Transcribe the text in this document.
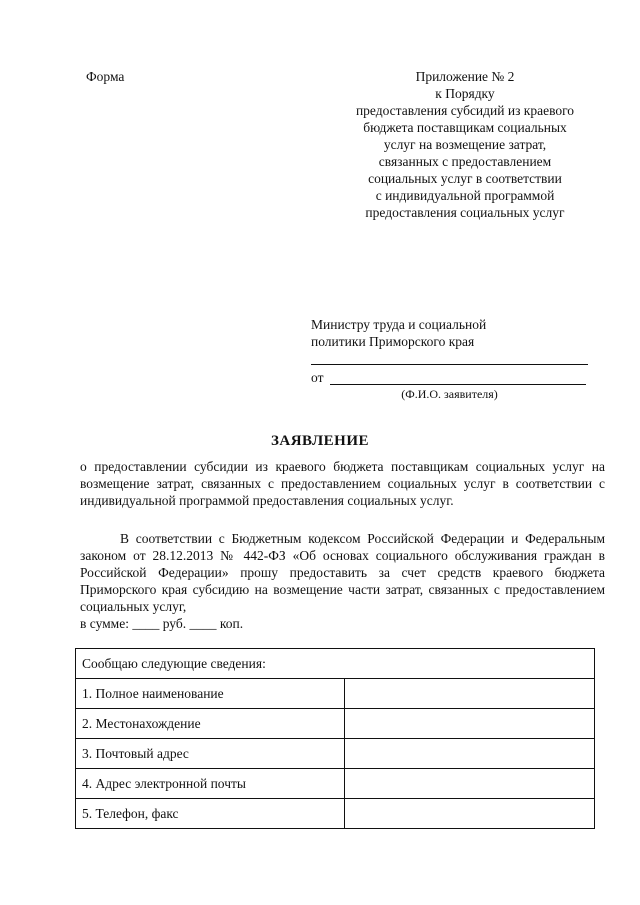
Форма	Приложение № 2
к Порядку
предоставления субсидий из краевого
бюджета поставщикам социальных
услуг на возмещение затрат,
связанных с предоставлением
социальных услуг в соответствии
с индивидуальной программой
предоставления социальных услуг
Министру труда и социальной
политики Приморского края
от
(Ф.И.О. заявителя)
ЗАЯВЛЕНИЕ
о предоставлении субсидии из краевого бюджета поставщикам социальных услуг на возмещение затрат, связанных с предоставлением социальных услуг в соответствии с индивидуальной программой предоставления социальных услуг.
В соответствии с Бюджетным кодексом Российской Федерации и Федеральным законом от 28.12.2013 № 442-ФЗ «Об основах социального обслуживания граждан в Российской Федерации» прошу предоставить за счет средств краевого бюджета Приморского края субсидию на возмещение части затрат, связанных с предоставлением социальных услуг,
в сумме: ____ руб. ____ коп.
Сообщаю следующие сведения:	
1. Полное наименование	
2. Местонахождение	
3. Почтовый адрес	
4. Адрес электронной почты	
5. Телефон, факс	
